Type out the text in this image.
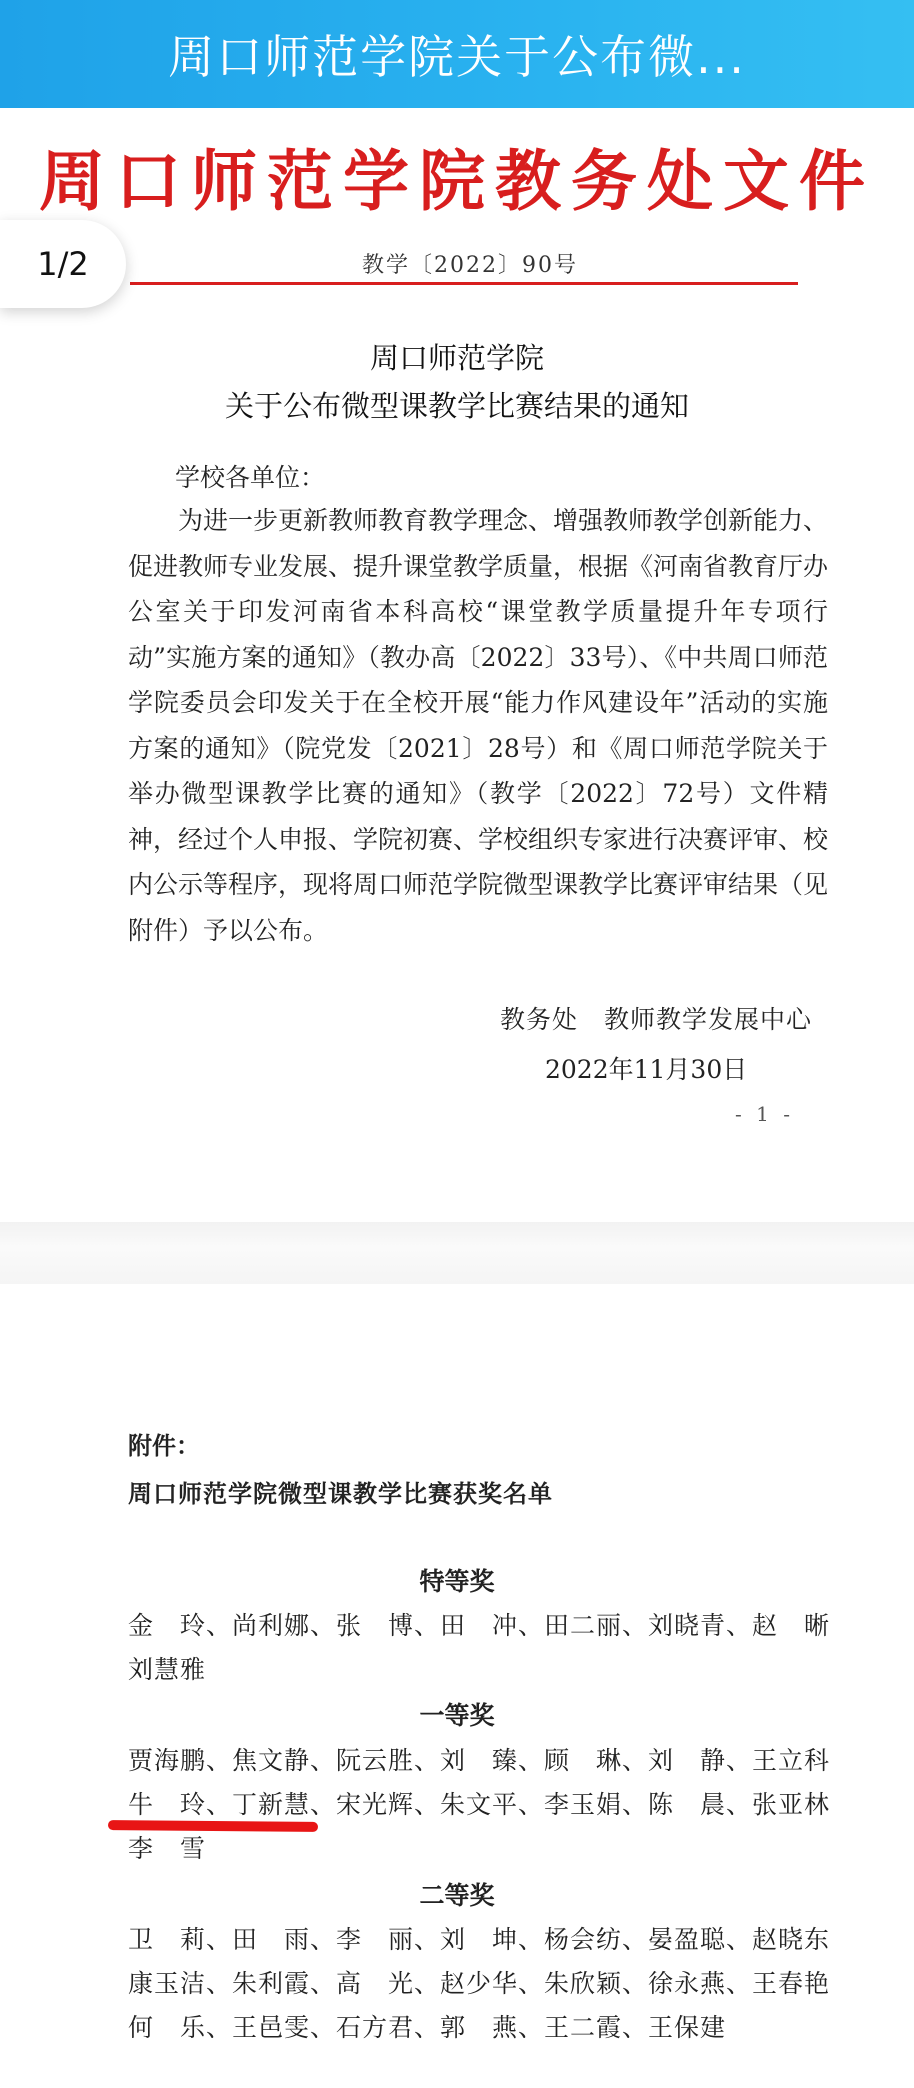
周口师范学院关于公布微...
1/2
周口师范学院教务处文件
教学〔2022〕90号
周口师范学院
关于公布微型课教学比赛结果的通知
学校各单位：
为进一步更新教师教育教学理念、增强教师教学创新能力、促进教师专业发展、提升课堂教学质量，根据《河南省教育厅办公室关于印发河南省本科高校“课堂教学质量提升年专项行动”实施方案的通知》（教办高〔2022〕33号）、《中共周口师范学院委员会印发关于在全校开展“能力作风建设年”活动的实施方案的通知》（院党发〔2021〕28号）和《周口师范学院关于举办微型课教学比赛的通知》（教学〔2022〕72号）文件精神，经过个人申报、学院初赛、学校组织专家进行决赛评审、校内公示等程序，现将周口师范学院微型课教学比赛评审结果（见附件）予以公布。
教务处　教师教学发展中心
2022年11月30日
- 1 -
附件：
周口师范学院微型课教学比赛获奖名单
特等奖
金　玲、尚利娜、张　博、田　冲、田二丽、刘晓青、赵　晰
刘慧雅
一等奖
贾海鹏、焦文静、阮云胜、刘　臻、顾　琳、刘　静、王立科
牛　玲、丁新慧、宋光辉、朱文平、李玉娟、陈　晨、张亚林
李　雪
二等奖
卫　莉、田　雨、李　丽、刘　坤、杨会纺、晏盈聪、赵晓东
康玉洁、朱利霞、高　光、赵少华、朱欣颖、徐永燕、王春艳
何　乐、王邑雯、石方君、郭　燕、王二霞、王保建
